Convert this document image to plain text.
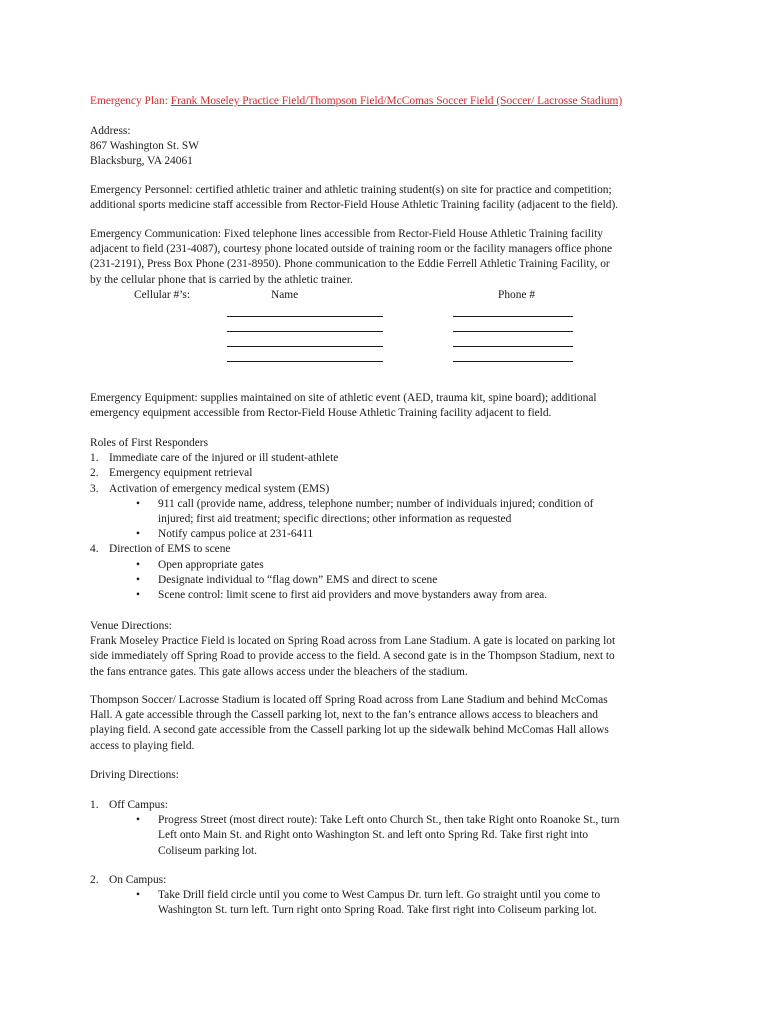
Emergency Plan: Frank Moseley Practice Field/Thompson Field/McComas Soccer Field (Soccer/ Lacrosse Stadium)
Address:
867 Washington St. SW
Blacksburg, VA 24061
Emergency Personnel: certified athletic trainer and athletic training student(s) on site for practice and competition;
additional sports medicine staff accessible from Rector-Field House Athletic Training facility (adjacent to the field).
Emergency Communication: Fixed telephone lines accessible from Rector-Field House Athletic Training facility
adjacent to field (231-4087), courtesy phone located outside of training room or the facility managers office phone
(231-2191), Press Box Phone (231-8950). Phone communication to the Eddie Ferrell Athletic Training Facility, or
by the cellular phone that is carried by the athletic trainer.
Cellular #’s:	Name	Phone #
Emergency Equipment: supplies maintained on site of athletic event (AED, trauma kit, spine board); additional
emergency equipment accessible from Rector-Field House Athletic Training facility adjacent to field.
Roles of First Responders
1. Immediate care of the injured or ill student-athlete
2. Emergency equipment retrieval
3. Activation of emergency medical system (EMS)
• 911 call (provide name, address, telephone number; number of individuals injured; condition of
injured; first aid treatment; specific directions; other information as requested
• Notify campus police at 231-6411
4. Direction of EMS to scene
• Open appropriate gates
• Designate individual to “flag down” EMS and direct to scene
• Scene control: limit scene to first aid providers and move bystanders away from area.
Venue Directions:
Frank Moseley Practice Field is located on Spring Road across from Lane Stadium. A gate is located on parking lot
side immediately off Spring Road to provide access to the field. A second gate is in the Thompson Stadium, next to
the fans entrance gates. This gate allows access under the bleachers of the stadium.
Thompson Soccer/ Lacrosse Stadium is located off Spring Road across from Lane Stadium and behind McComas
Hall. A gate accessible through the Cassell parking lot, next to the fan’s entrance allows access to bleachers and
playing field. A second gate accessible from the Cassell parking lot up the sidewalk behind McComas Hall allows
access to playing field.
Driving Directions:
1. Off Campus:
• Progress Street (most direct route): Take Left onto Church St., then take Right onto Roanoke St., turn
Left onto Main St. and Right onto Washington St. and left onto Spring Rd. Take first right into
Coliseum parking lot.
2. On Campus:
• Take Drill field circle until you come to West Campus Dr. turn left. Go straight until you come to
Washington St. turn left. Turn right onto Spring Road. Take first right into Coliseum parking lot.
